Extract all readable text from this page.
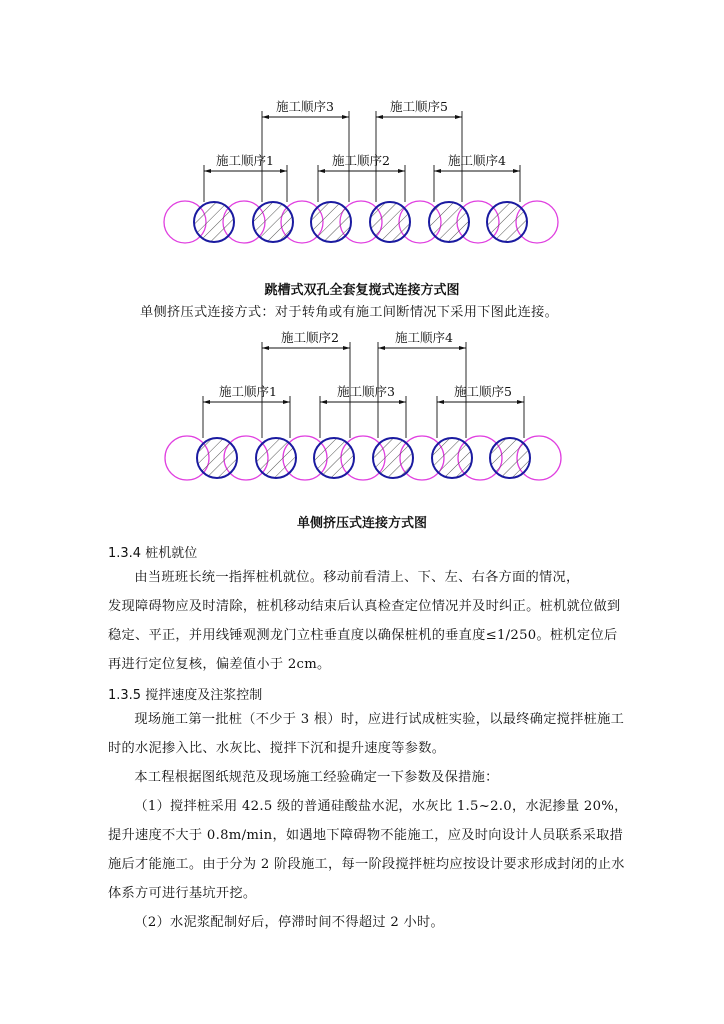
施工顺序3	施工顺序5
施工顺序1	施工顺序2	施工顺序4
跳槽式双孔全套复搅式连接方式图
单侧挤压式连接方式：对于转角或有施工间断情况下采用下图此连接。
施工顺序2	施工顺序4
施工顺序1	施工顺序3	施工顺序5
单侧挤压式连接方式图
1.3.4 桩机就位
由当班班长统一指挥桩机就位。移动前看清上、下、左、右各方面的情况，
发现障碍物应及时清除，桩机移动结束后认真检查定位情况并及时纠正。桩机就位做到稳定、平正，并用线锤观测龙门立柱垂直度以确保桩机的垂直度≤1/250。桩机定位后再进行定位复核，偏差值小于 2cm。
1.3.5 搅拌速度及注浆控制
现场施工第一批桩（不少于 3 根）时，应进行试成桩实验，以最终确定搅拌桩施工时的水泥掺入比、水灰比、搅拌下沉和提升速度等参数。
本工程根据图纸规范及现场施工经验确定一下参数及保措施：
（1）搅拌桩采用 42.5 级的普通硅酸盐水泥，水灰比 1.5~2.0，水泥掺量 20%，提升速度不大于 0.8m/min，如遇地下障碍物不能施工，应及时向设计人员联系采取措施后才能施工。由于分为 2 阶段施工，每一阶段搅拌桩均应按设计要求形成封闭的止水体系方可进行基坑开挖。
（2）水泥浆配制好后，停滞时间不得超过 2 小时。
